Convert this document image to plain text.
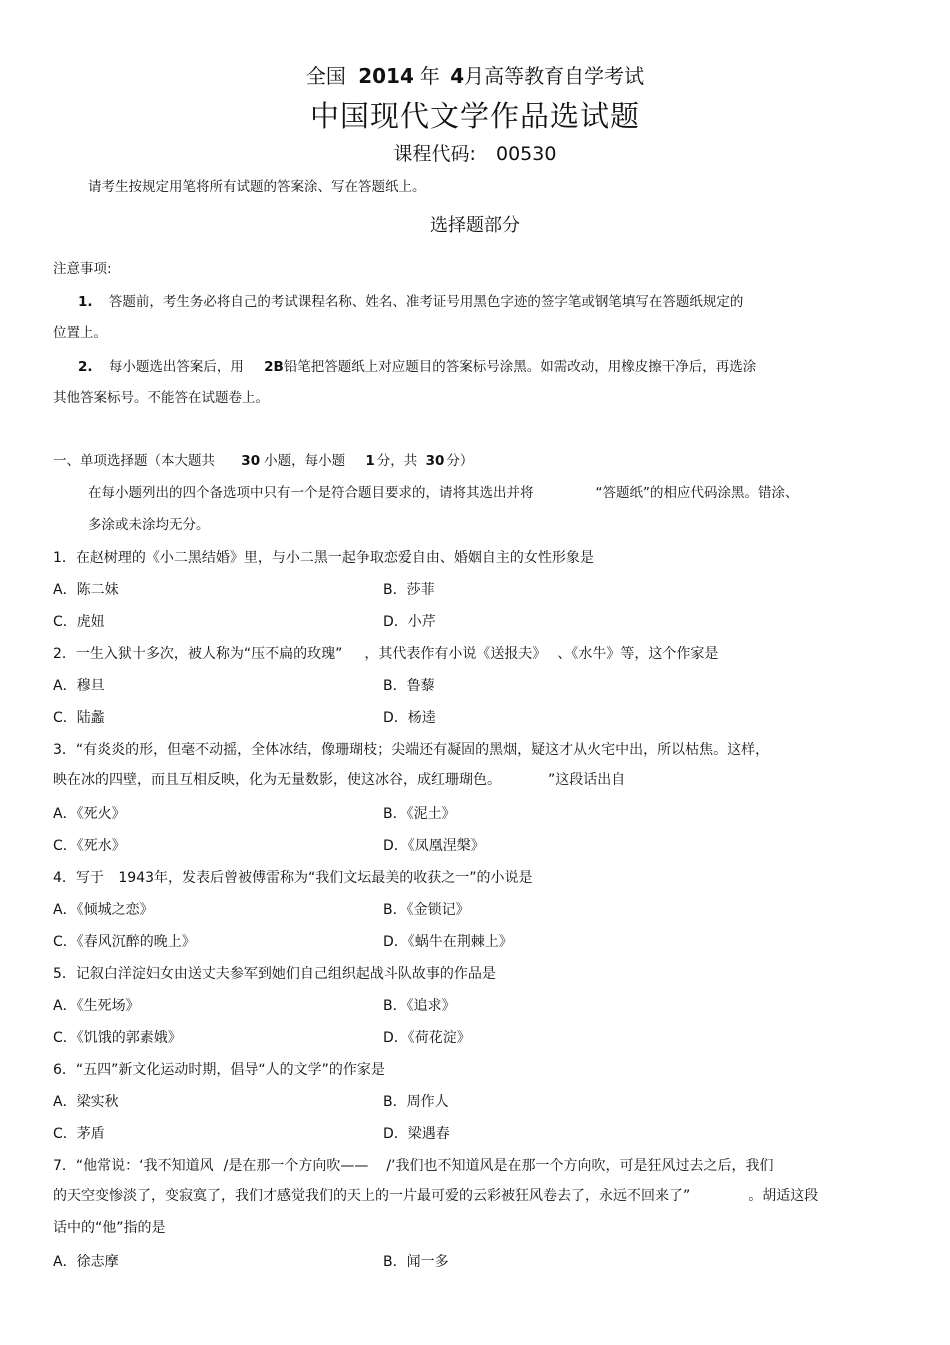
全国 2014 年 4月高等教育自学考试
中国现代文学作品选试题
课程代码: 00530
请考生按规定用笔将所有试题的答案涂、写在答题纸上。
选择题部分
注意事项:
1. 答题前，考生务必将自己的考试课程名称、姓名、准考证号用黑色字迹的签字笔或钢笔填写在答题纸规定的
位置上。
2. 每小题选出答案后，用 2B铅笔把答题纸上对应题目的答案标号涂黑。如需改动，用橡皮擦干净后，再选涂
其他答案标号。不能答在试题卷上。
一、单项选择题（本大题共 30 小题，每小题 1 分，共 30 分）
在每小题列出的四个备选项中只有一个是符合题目要求的，请将其选出并将	“答题纸”的相应代码涂黑。错涂、
多涂或未涂均无分。
1．在赵树理的《小二黑结婚》里，与小二黑一起争取恋爱自由、婚姻自主的女性形象是
A．陈二妹	B．莎菲
C．虎妞	D．小芹
2．一生入狱十多次，被人称为“压不扁的玫瑰” ，其代表作有小说《送报夫》 、《水牛》等，这个作家是
A．穆旦	B．鲁藜
C．陆蠡	D．杨逵
3．“有炎炎的形，但毫不动摇，全体冰结，像珊瑚枝；尖端还有凝固的黑烟，疑这才从火宅中出，所以枯焦。这样，
映在冰的四壁，而且互相反映，化为无量数影，使这冰谷，成红珊瑚色。	”这段话出自
A．《死火》	B．《泥土》
C．《死水》	D．《凤凰涅槃》
4．写于 1943年，发表后曾被傅雷称为“我们文坛最美的收获之一”的小说是
A．《倾城之恋》	B．《金锁记》
C．《春风沉醉的晚上》	D．《蜗牛在荆棘上》
5．记叙白洋淀妇女由送丈夫参军到她们自己组织起战斗队故事的作品是
A．《生死场》	B．《追求》
C．《饥饿的郭素娥》	D．《荷花淀》
6．“五四”新文化运动时期，倡导“人的文学”的作家是
A．梁实秋	B．周作人
C．茅盾	D．梁遇春
7．“他常说：‘我不知道风 /是在那一个方向吹—— /’我们也不知道风是在那一个方向吹，可是狂风过去之后，我们
的天空变惨淡了，变寂寞了，我们才感觉我们的天上的一片最可爱的云彩被狂风卷去了，永远不回来了”	。胡适这段
话中的“他”指的是
A．徐志摩	B．闻一多
